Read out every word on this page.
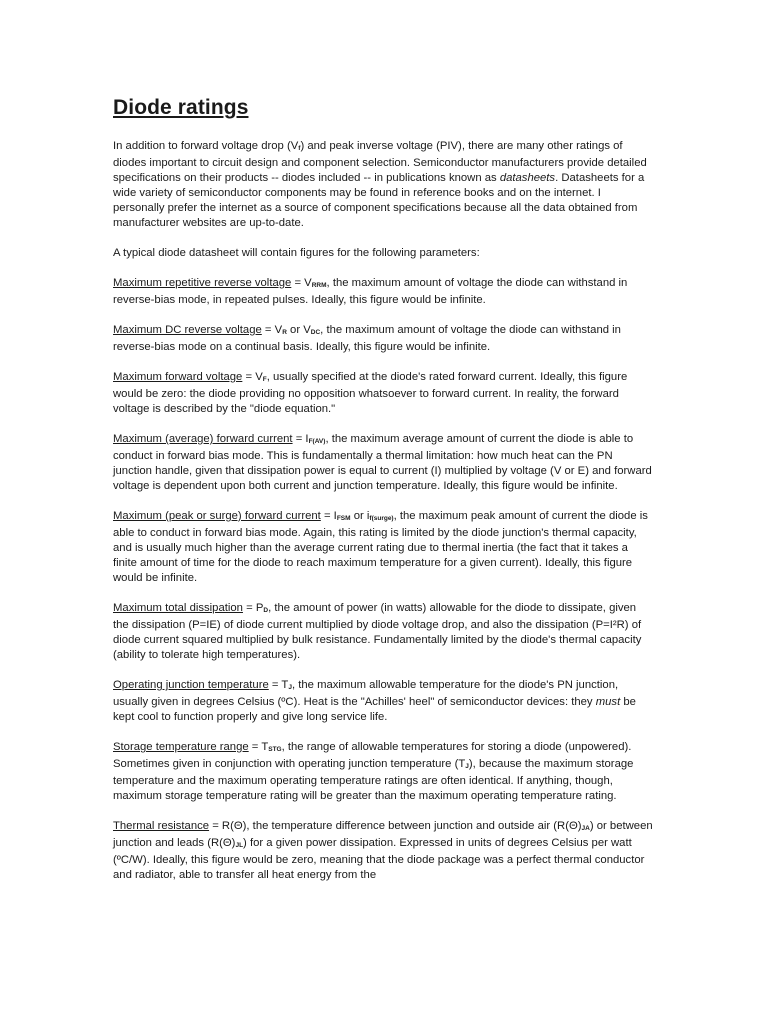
Diode ratings

In addition to forward voltage drop $(V_f)$ and peak inverse voltage (PIV), there are many other ratings of diodes important to circuit design and component selection. Semiconductor manufacturers provide detailed specifications on their products -- diodes included -- in publications known as datasheets. Datasheets for a wide variety of semiconductor components may be found in reference books and on the internet. I personally prefer the internet as a source of component specifications because all the data obtained from manufacturer websites are up-to-date.

A typical diode datasheet will contain figures for the following parameters:

Maximum repetitive reverse voltage = $V_{RRM}$, the maximum amount of voltage the diode can withstand in reverse-bias mode, in repeated pulses. Ideally, this figure would be infinite.

Maximum DC reverse voltage = $V_R$ or $V_{DC}$, the maximum amount of voltage the diode can withstand in reverse-bias mode on a continual basis. Ideally, this figure would be infinite.

Maximum forward voltage = $V_F$, usually specified at the diode's rated forward current. Ideally, this figure would be zero: the diode providing no opposition whatsoever to forward current. In reality, the forward voltage is described by the "diode equation."

Maximum (average) forward current = $I_{F(AV)}$, the maximum average amount of current the diode is able to conduct in forward bias mode. This is fundamentally a thermal limitation: how much heat can the PN junction handle, given that dissipation power is equal to current (I) multiplied by voltage (V or E) and forward voltage is dependent upon both current and junction temperature. Ideally, this figure would be infinite.

Maximum (peak or surge) forward current = $I_{FSM}$ or $i_{f(surge)}$, the maximum peak amount of current the diode is able to conduct in forward bias mode. Again, this rating is limited by the diode junction's thermal capacity, and is usually much higher than the average current rating due to thermal inertia (the fact that it takes a finite amount of time for the diode to reach maximum temperature for a given current). Ideally, this figure would be infinite.

Maximum total dissipation = $P_D$, the amount of power (in watts) allowable for the diode to dissipate, given the dissipation (P=IE) of diode current multiplied by diode voltage drop, and also the dissipation (P=I²R) of diode current squared multiplied by bulk resistance. Fundamentally limited by the diode's thermal capacity (ability to tolerate high temperatures).

Operating junction temperature = $T_J$, the maximum allowable temperature for the diode's PN junction, usually given in degrees Celsius (ºC). Heat is the "Achilles' heel" of semiconductor devices: they must be kept cool to function properly and give long service life.

Storage temperature range = $T_{STG}$, the range of allowable temperatures for storing a diode (unpowered). Sometimes given in conjunction with operating junction temperature $(T_J)$, because the maximum storage temperature and the maximum operating temperature ratings are often identical. If anything, though, maximum storage temperature rating will be greater than the maximum operating temperature rating.

Thermal resistance = R(Θ), the temperature difference between junction and outside air $(R(\Theta)_{JA})$ or between junction and leads $(R(\Theta)_{JL})$ for a given power dissipation. Expressed in units of degrees Celsius per watt (ºC/W). Ideally, this figure would be zero, meaning that the diode package was a perfect thermal conductor and radiator, able to transfer all heat energy from the
